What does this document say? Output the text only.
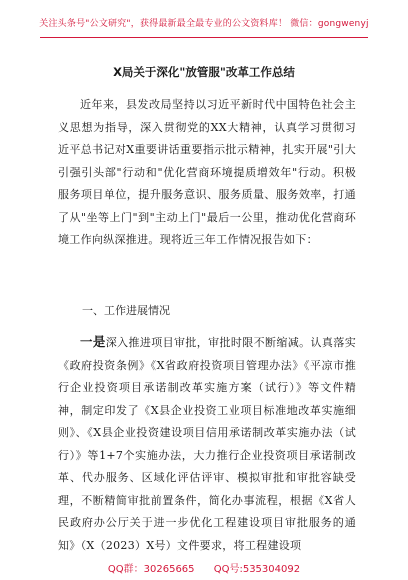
关注头条号"公文研究"，获得最新最全最专业的公文资料库！ 微信：gongwenyj
X局关于深化"放管服"改革工作总结
近年来，县发改局坚持以习近平新时代中国特色社会主义思想为指导，深入贯彻党的XX大精神，认真学习贯彻习近平总书记对X重要讲话重要指示批示精神，扎实开展"引大引强引头部"行动和"优化营商环境提质增效年"行动。积极服务项目单位，提升服务意识、服务质量、服务效率，打通了从"坐等上门"到"主动上门"最后一公里，推动优化营商环境工作向纵深推进。现将近三年工作情况报告如下：
一、工作进展情况
一是深入推进项目审批，审批时限不断缩减。认真落实《政府投资条例》《X省政府投资项目管理办法》《平凉市推行企业投资项目承诺制改革实施方案（试行）》等文件精神，制定印发了《X县企业投资工业项目标准地改革实施细则》、《X县企业投资建设项目信用承诺制改革实施办法（试行）》等1+7个实施办法，大力推行企业投资项目承诺制改革、代办服务、区域化评估评审、模拟审批和审批容缺受理，不断精简审批前置条件，简化办事流程，根据《X省人民政府办公厅关于进一步优化工程建设项目审批服务的通知》（X（2023）X号）文件要求，将工程建设项
QQ群：30265665 QQ号:535304092
